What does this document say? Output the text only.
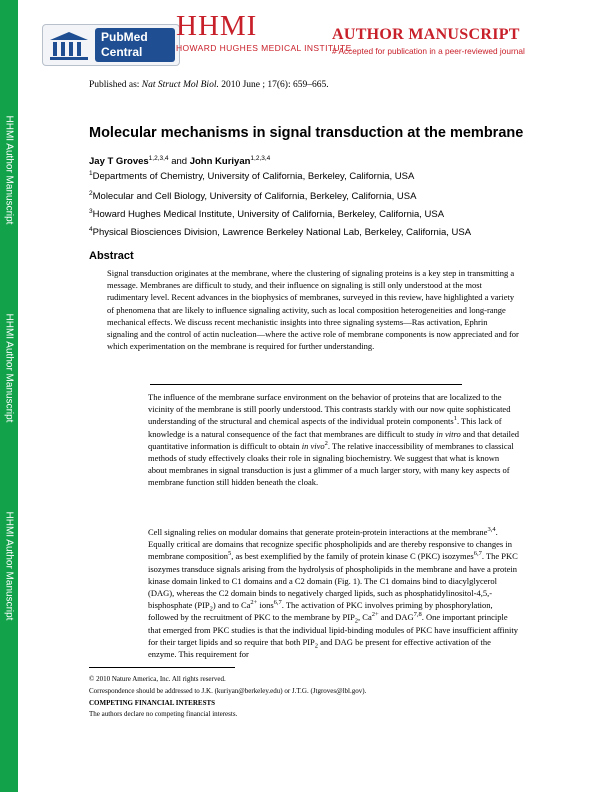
HHMI Author Manuscript
HHMI Author Manuscript
HHMI Author Manuscript
PubMed
Central
HHMI
HOWARD HUGHES MEDICAL INSTITUTE
AUTHOR MANUSCRIPT
# Accepted for publication in a peer-reviewed journal
Published as: Nat Struct Mol Biol. 2010 June ; 17(6): 659–665.
Molecular mechanisms in signal transduction at the membrane
Jay T Groves$^{1,2,3,4}$ and John Kuriyan$^{1,2,3,4}$
$^1$Departments of Chemistry, University of California, Berkeley, California, USA
$^2$Molecular and Cell Biology, University of California, Berkeley, California, USA
$^3$Howard Hughes Medical Institute, University of California, Berkeley, California, USA
$^4$Physical Biosciences Division, Lawrence Berkeley National Lab, Berkeley, California, USA
Abstract
Signal transduction originates at the membrane, where the clustering of signaling proteins is a key step in transmitting a message. Membranes are difficult to study, and their influence on signaling is still only understood at the most rudimentary level. Recent advances in the biophysics of membranes, surveyed in this review, have highlighted a variety of phenomena that are likely to influence signaling activity, such as local composition heterogeneities and long-range mechanical effects. We discuss recent mechanistic insights into three signaling systems—Ras activation, Ephrin signaling and the control of actin nucleation—where the active role of membrane components is now appreciated and for which experimentation on the membrane is required for further understanding.
The influence of the membrane surface environment on the behavior of proteins that are localized to the vicinity of the membrane is still poorly understood. This contrasts starkly with our now quite sophisticated understanding of the structural and chemical aspects of the individual protein components$^1$. This lack of knowledge is a natural consequence of the fact that membranes are difficult to study in vitro and that detailed quantitative information is difficult to obtain in vivo$^2$. The relative inaccessibility of membranes to classical methods of study effectively cloaks their role in signaling biochemistry. We suggest that what is known about membranes in signal transduction is just a glimmer of a much larger story, with many key aspects of membrane function still hidden beneath the cloak.
Cell signaling relies on modular domains that generate protein-protein interactions at the membrane$^{3,4}$. Equally critical are domains that recognize specific phospholipids and are thereby responsive to changes in membrane composition$^5$, as best exemplified by the family of protein kinase C (PKC) isozymes$^{6,7}$. The PKC isozymes transduce signals arising from the hydrolysis of phospholipids in the membrane and have a protein kinase domain linked to C1 domains and a C2 domain (Fig. 1). The C1 domains bind to diacylglycerol (DAG), whereas the C2 domain binds to negatively charged lipids, such as phosphatidylinositol-4,5,-bisphosphate $(PIP_2)$ and to $Ca^{2+}$ ions$^{6,7}$. The activation of PKC involves priming by phosphorylation, followed by the recruitment of PKC to the membrane by $PIP_2$, $Ca^{2+}$ and DAG$^{7,8}$. One important principle that emerged from PKC studies is that the individual lipid-binding modules of PKC have insufficient affinity for their target lipids and so require that both $PIP_2$ and DAG be present for effective activation of the enzyme. This requirement for
© 2010 Nature America, Inc. All rights reserved.
Correspondence should be addressed to J.K. (kuriyan@berkeley.edu) or J.T.G. (Jtgroves@lbl.gov).
COMPETING FINANCIAL INTERESTS
The authors declare no competing financial interests.
